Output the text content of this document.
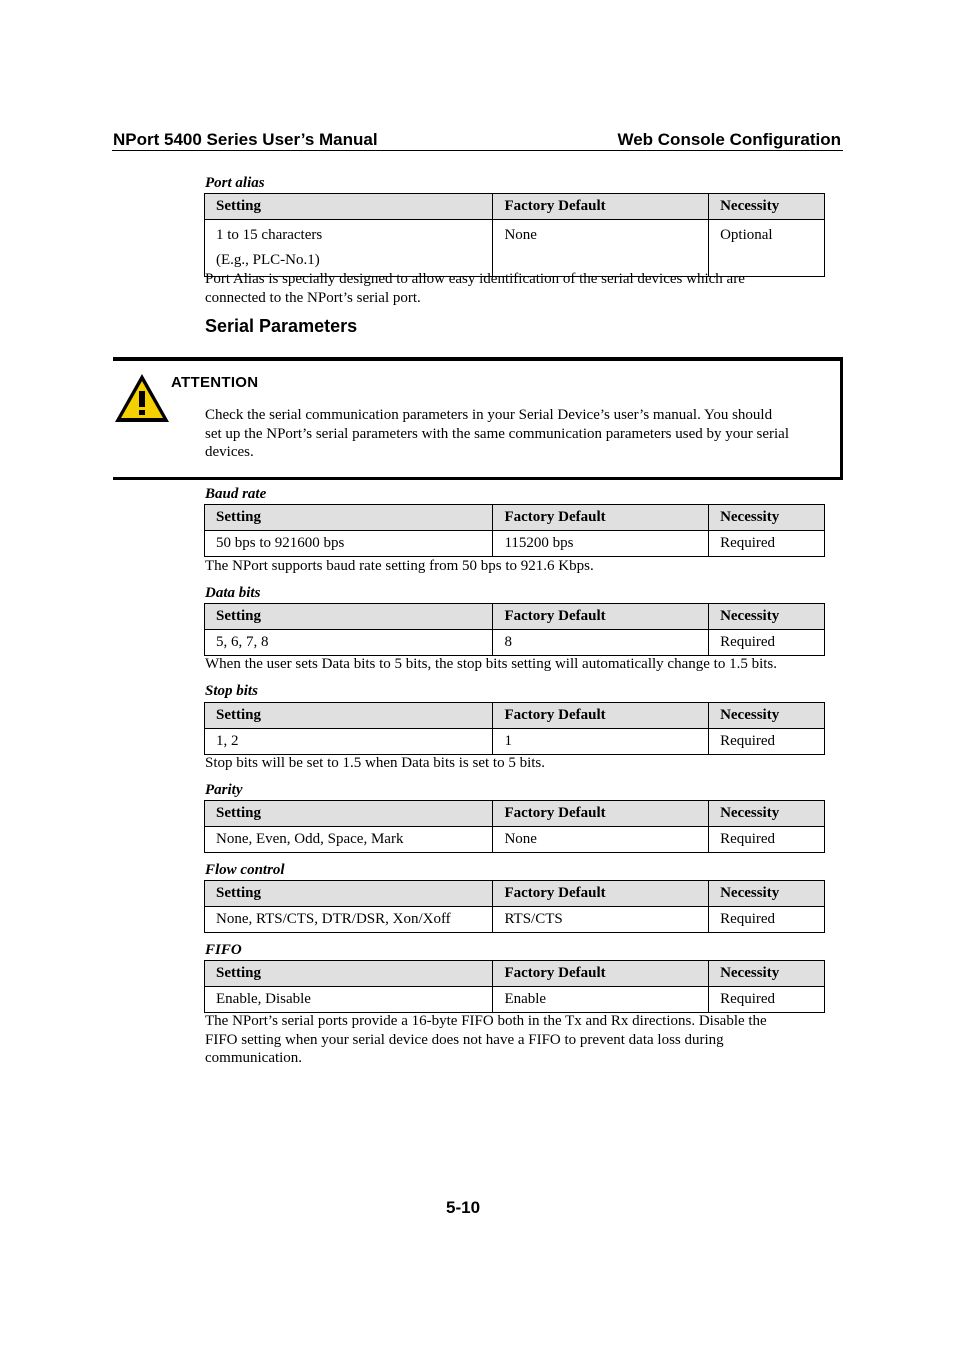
NPort 5400 Series User’s Manual	Web Console Configuration
Port alias
Setting	Factory Default	Necessity

1 to 15 characters
(E.g., PLC-No.1)	None	Optional
Port Alias is specially designed to allow easy identification of the serial devices which are
connected to the NPort’s serial port.
Serial Parameters
ATTENTION
Check the serial communication parameters in your Serial Device’s user’s manual. You should
set up the NPort’s serial parameters with the same communication parameters used by your serial
devices.
Baud rate
Setting	Factory Default	Necessity
50 bps to 921600 bps	115200 bps	Required
The NPort supports baud rate setting from 50 bps to 921.6 Kbps.
Data bits
Setting	Factory Default	Necessity
5, 6, 7, 8	8	Required
When the user sets Data bits to 5 bits, the stop bits setting will automatically change to 1.5 bits.
Stop bits
Setting	Factory Default	Necessity
1, 2	1	Required
Stop bits will be set to 1.5 when Data bits is set to 5 bits.
Parity
Setting	Factory Default	Necessity
None, Even, Odd, Space, Mark	None	Required
Flow control
Setting	Factory Default	Necessity
None, RTS/CTS, DTR/DSR, Xon/Xoff	RTS/CTS	Required
FIFO
Setting	Factory Default	Necessity
Enable, Disable	Enable	Required
The NPort’s serial ports provide a 16-byte FIFO both in the Tx and Rx directions. Disable the
FIFO setting when your serial device does not have a FIFO to prevent data loss during
communication.
5-10
